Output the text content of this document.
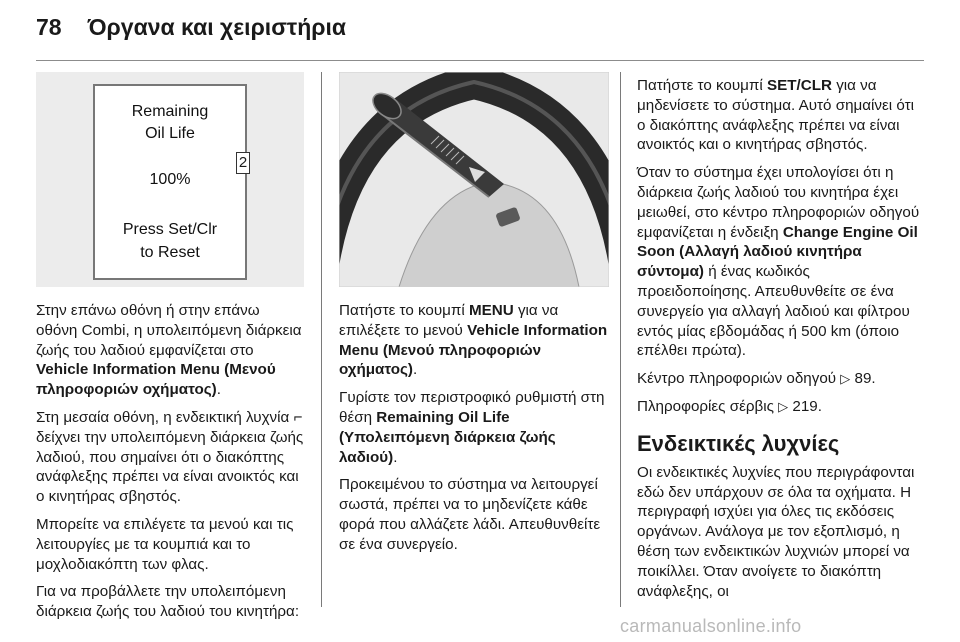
78 Όργανα και χειριστήρια
Remaining
Oil Life
100%
Press Set/Clr
to Reset
2

Στην επάνω οθόνη ή στην επάνω οθόνη Combi, η υπολειπόμενη διάρκεια ζωής του λαδιού εμφανίζεται στο Vehicle Information Menu (Μενού πληροφοριών οχήματος).

Στη μεσαία οθόνη, η ενδεικτική λυχνία ⌐ δείχνει την υπολειπόμενη διάρκεια ζωής λαδιού, που σημαίνει ότι ο διακόπτης ανάφλεξης πρέπει να είναι ανοικτός και ο κινητήρας σβηστός.

Μπορείτε να επιλέγετε τα μενού και τις λειτουργίες με τα κουμπιά και το μοχλοδιακόπτη των φλας.

Για να προβάλλετε την υπολειπόμενη διάρκεια ζωής του λαδιού του κινητήρα:

Πατήστε το κουμπί MENU για να επιλέξετε το μενού Vehicle Information Menu (Μενού πληροφοριών οχήματος).

Γυρίστε τον περιστροφικό ρυθμιστή στη θέση Remaining Oil Life (Υπολειπόμενη διάρκεια ζωής λαδιού).

Προκειμένου το σύστημα να λειτουργεί σωστά, πρέπει να το μηδενίζετε κάθε φορά που αλλάζετε λάδι. Απευθυνθείτε σε ένα συνεργείο.

Πατήστε το κουμπί SET/CLR για να μηδενίσετε το σύστημα. Αυτό σημαίνει ότι ο διακόπτης ανάφλεξης πρέπει να είναι ανοικτός και ο κινητήρας σβηστός.

Όταν το σύστημα έχει υπολογίσει ότι η διάρκεια ζωής λαδιού του κινητήρα έχει μειωθεί, στο κέντρο πληροφοριών οδηγού εμφανίζεται η ένδειξη Change Engine Oil Soon (Αλλαγή λαδιού κινητήρα σύντομα) ή ένας κωδικός προειδοποίησης. Απευθυνθείτε σε ένα συνεργείο για αλλαγή λαδιού και φίλτρου εντός μίας εβδομάδας ή 500 km (όποιο επέλθει πρώτα).

Κέντρο πληροφοριών οδηγού ▷ 89.

Πληροφορίες σέρβις ▷ 219.

Ενδεικτικές λυχνίες

Οι ενδεικτικές λυχνίες που περιγράφονται εδώ δεν υπάρχουν σε όλα τα οχήματα. Η περιγραφή ισχύει για όλες τις εκδόσεις οργάνων. Ανάλογα με τον εξοπλισμό, η θέση των ενδεικτικών λυχνιών μπορεί να ποικίλλει. Όταν ανοίγετε το διακόπτη ανάφλεξης, οι

carmanualsonline.info
